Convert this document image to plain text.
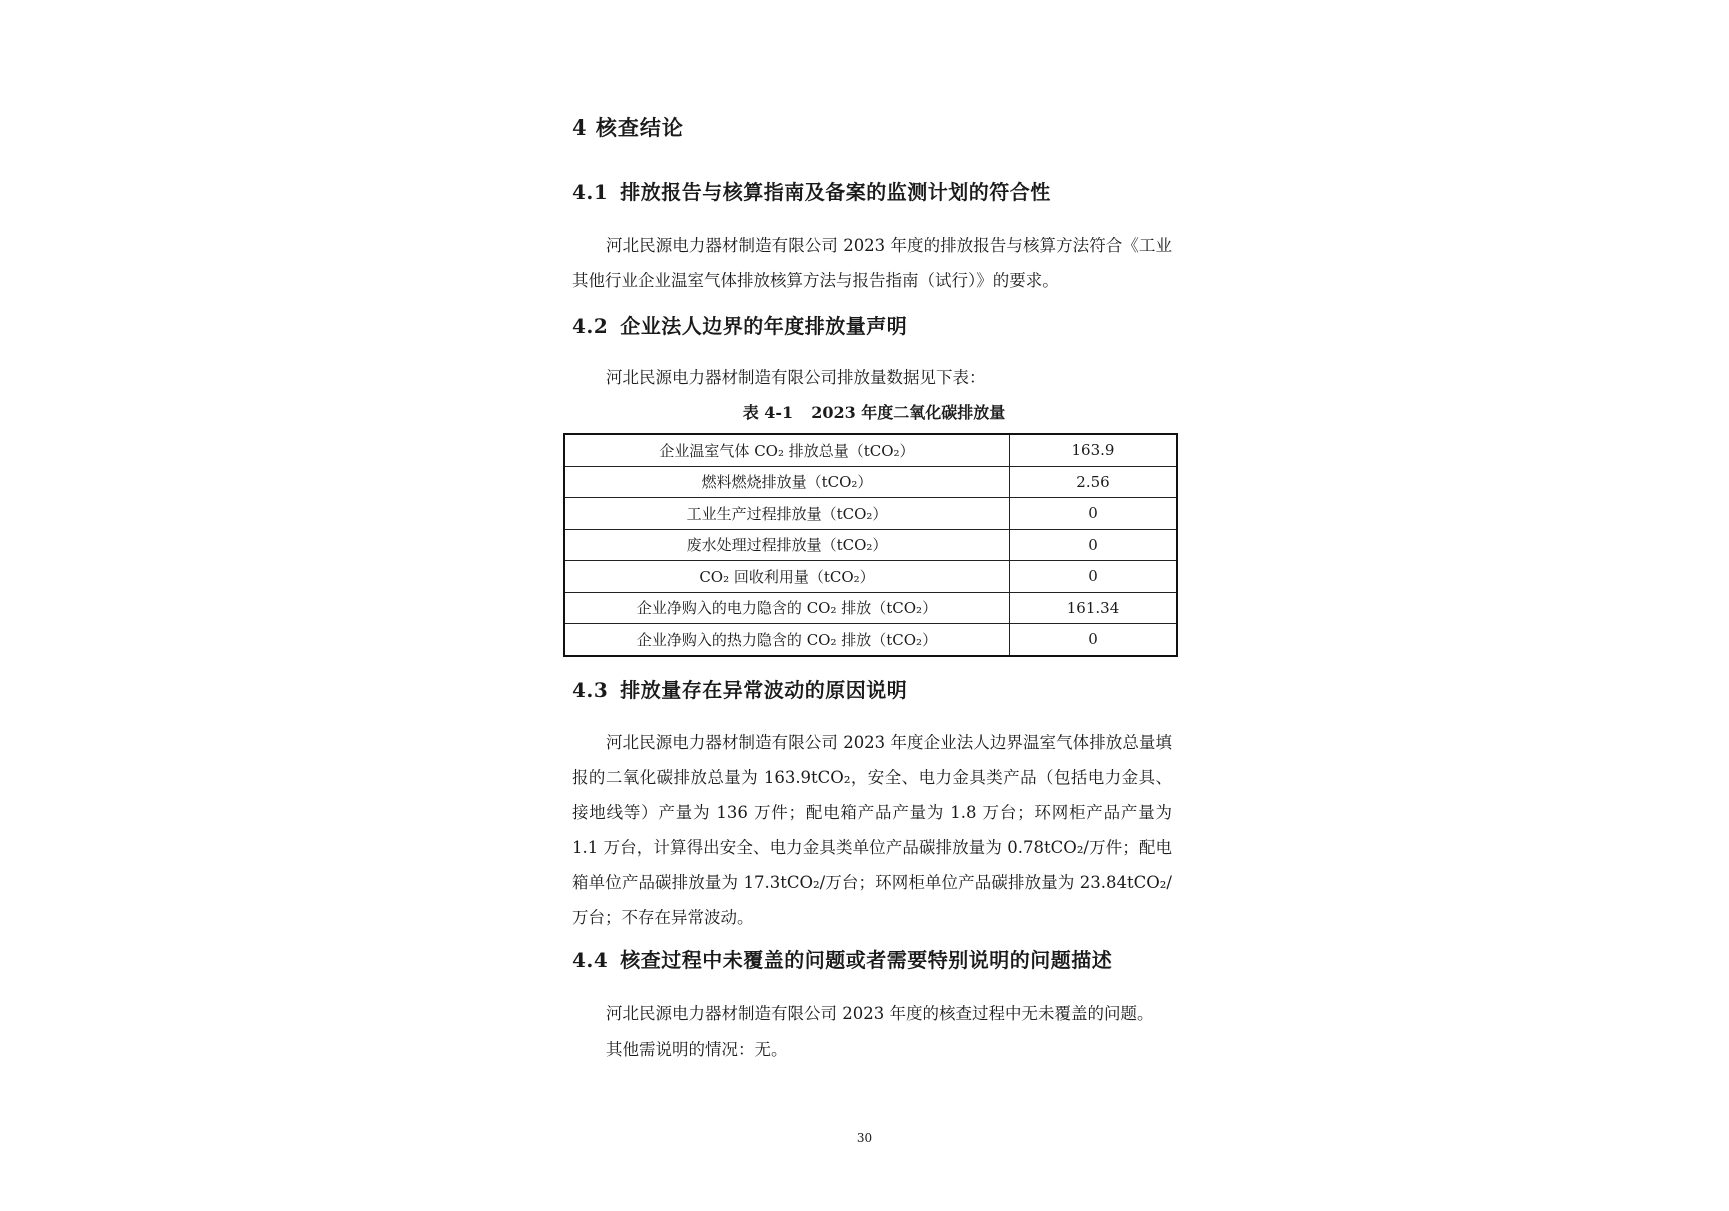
4 核查结论
4.1 排放报告与核算指南及备案的监测计划的符合性

河北民源电力器材制造有限公司 2023 年度的排放报告与核算方法符合《工业其他行业企业温室气体排放核算方法与报告指南（试行）》的要求。

4.2 企业法人边界的年度排放量声明
河北民源电力器材制造有限公司排放量数据见下表：
表 4-1 2023 年度二氧化碳排放量
企业温室气体 CO₂ 排放总量（tCO₂）	163.9
燃料燃烧排放量（tCO₂）	2.56
工业生产过程排放量（tCO₂）	0
废水处理过程排放量（tCO₂）	0
CO₂ 回收利用量（tCO₂）	0
企业净购入的电力隐含的 CO₂ 排放（tCO₂）	161.34
企业净购入的热力隐含的 CO₂ 排放（tCO₂）	0
4.3 排放量存在异常波动的原因说明

河北民源电力器材制造有限公司 2023 年度企业法人边界温室气体排放总量填报的二氧化碳排放总量为 163.9tCO₂，安全、电力金具类产品（包括电力金具、接地线等）产量为 136 万件；配电箱产品产量为 1.8 万台；环网柜产品产量为 1.1 万台，计算得出安全、电力金具类单位产品碳排放量为 0.78tCO₂/万件；配电箱单位产品碳排放量为 17.3tCO₂/万台；环网柜单位产品碳排放量为 23.84tCO₂/万台；不存在异常波动。

4.4 核查过程中未覆盖的问题或者需要特别说明的问题描述
河北民源电力器材制造有限公司 2023 年度的核查过程中无未覆盖的问题。
其他需说明的情况：无。
30
